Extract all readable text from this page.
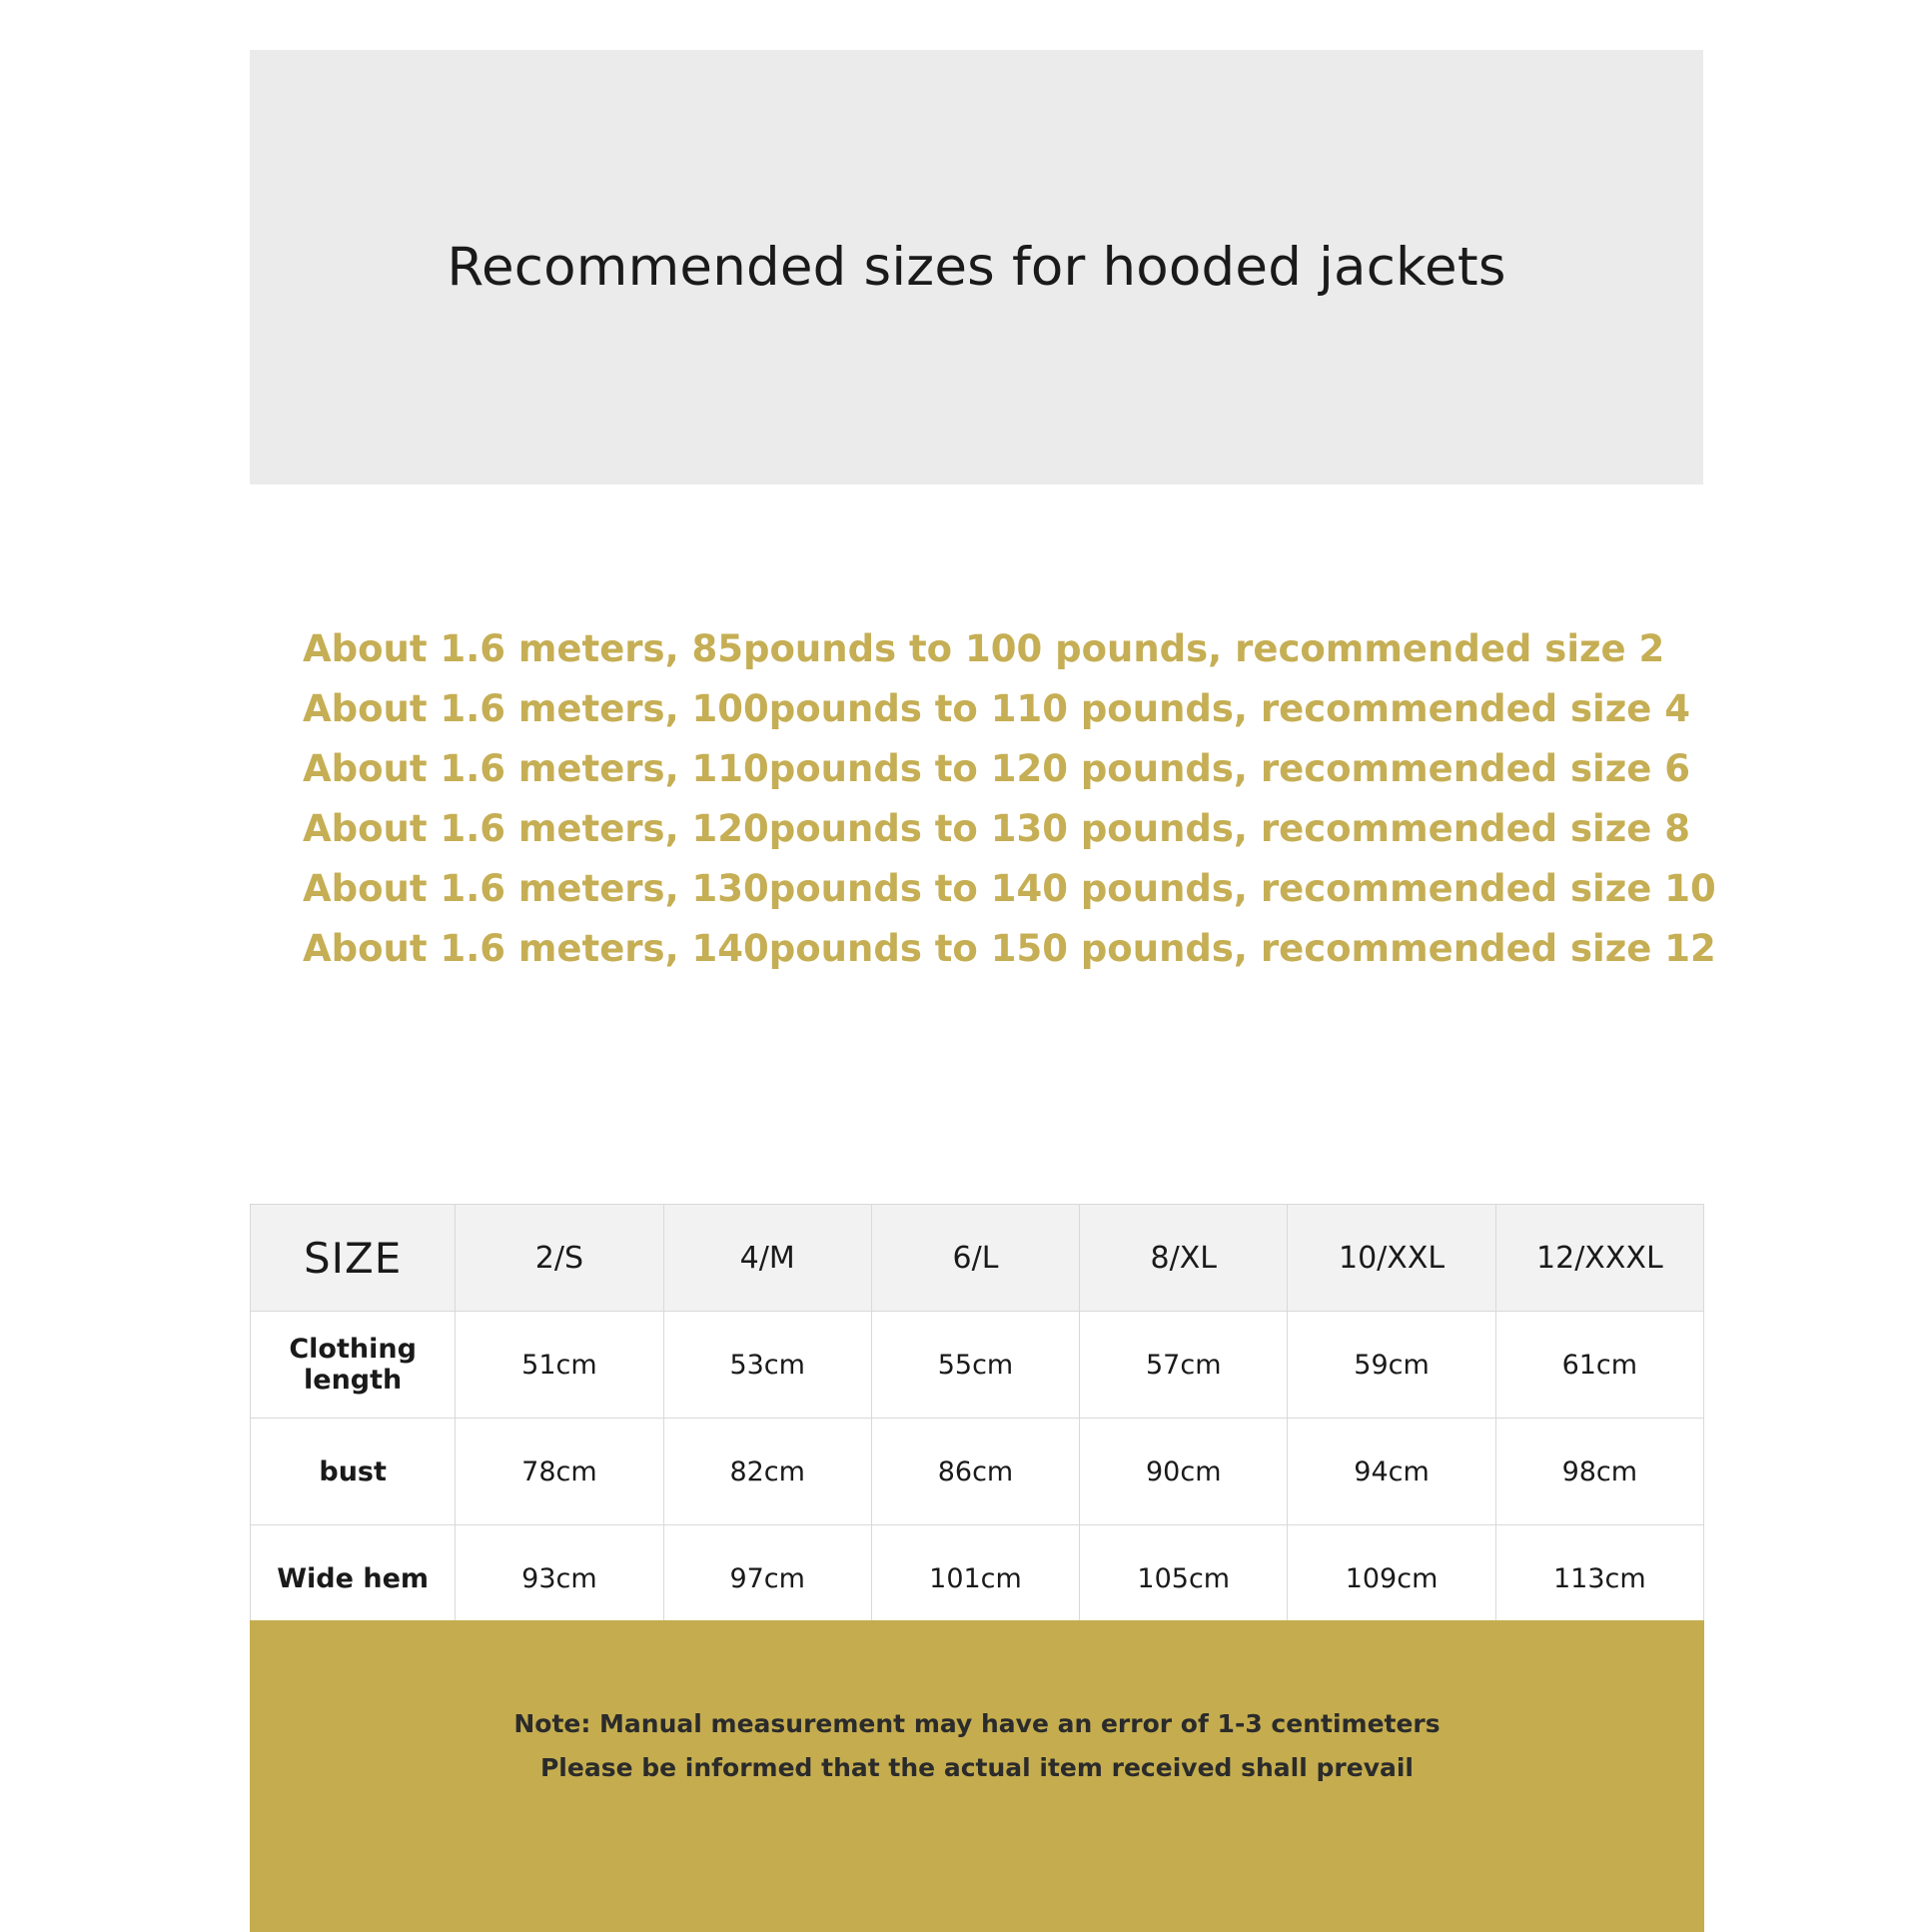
Recommended sizes for hooded jackets
About 1.6 meters, 85pounds to 100 pounds, recommended size 2
About 1.6 meters, 100pounds to 110 pounds, recommended size 4
About 1.6 meters, 110pounds to 120 pounds, recommended size 6
About 1.6 meters, 120pounds to 130 pounds, recommended size 8
About 1.6 meters, 130pounds to 140 pounds, recommended size 10
About 1.6 meters, 140pounds to 150 pounds, recommended size 12
SIZE	2/S	4/M	6/L	8/XL	10/XXL	12/XXXL
Clothing length	51cm	53cm	55cm	57cm	59cm	61cm
bust	78cm	82cm	86cm	90cm	94cm	98cm
Wide hem	93cm	97cm	101cm	105cm	109cm	113cm
Note: Manual measurement may have an error of 1-3 centimeters
Please be informed that the actual item received shall prevail
